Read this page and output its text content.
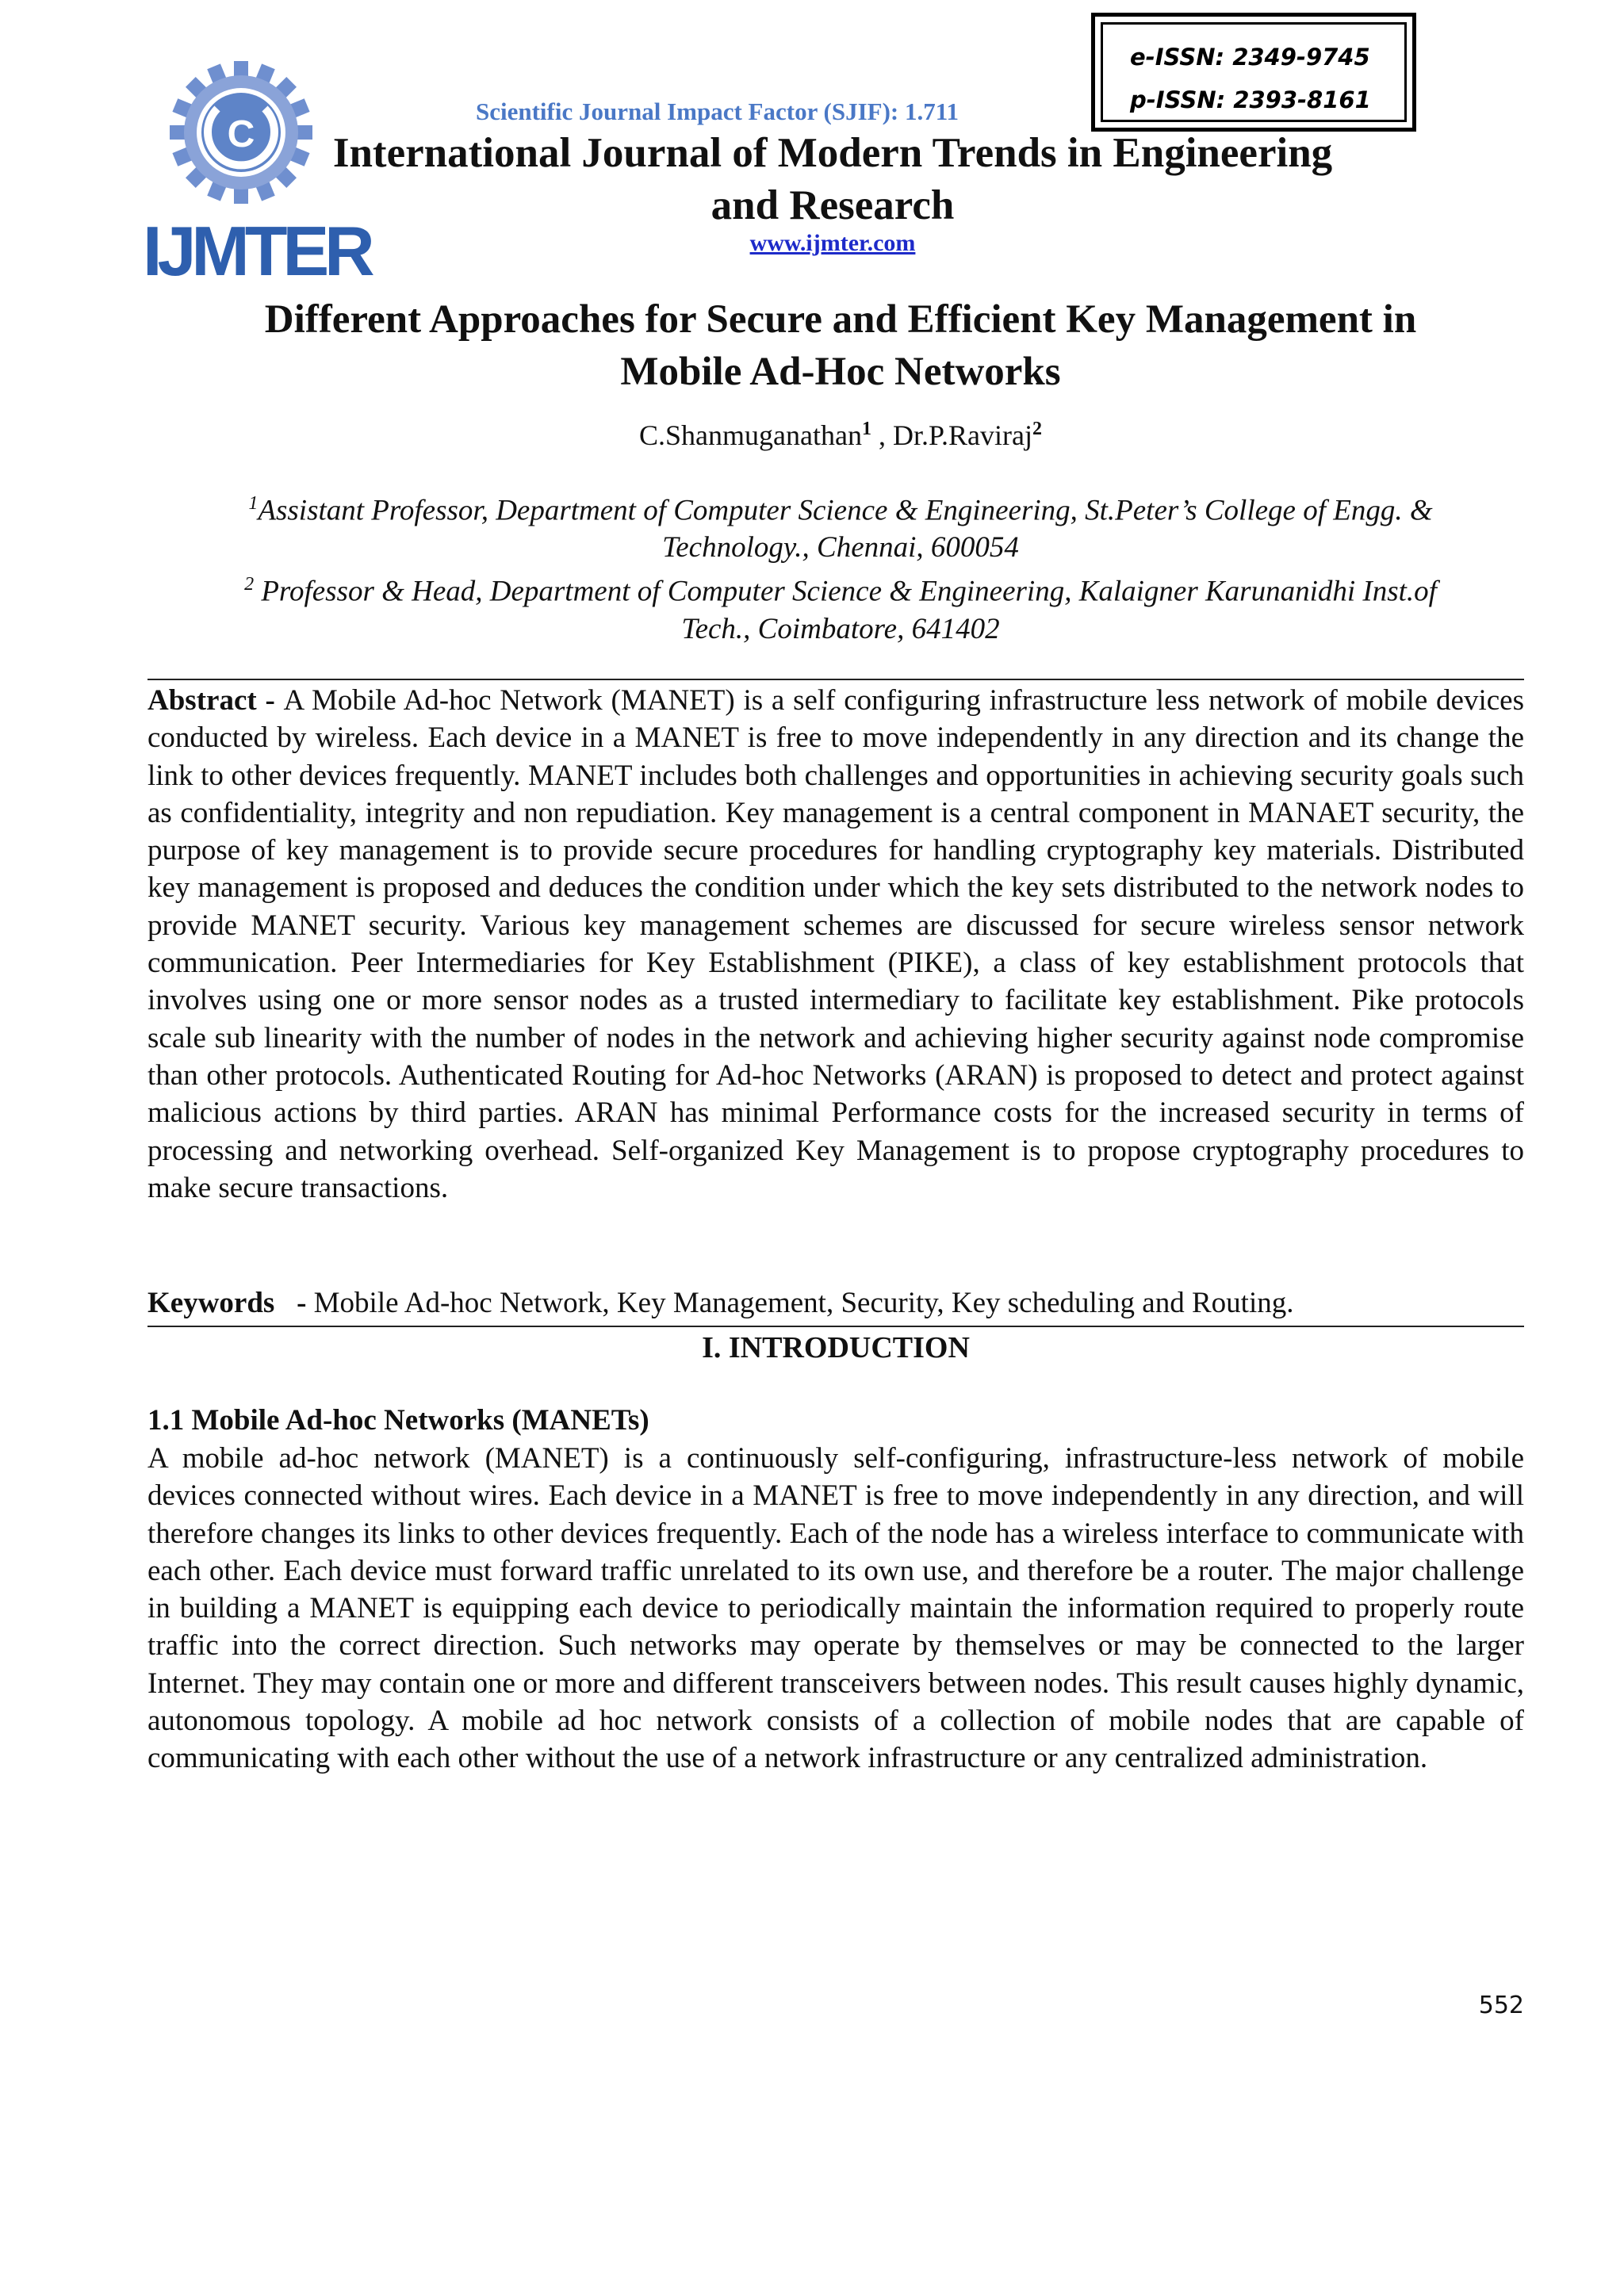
C
IJMTER
Scientific Journal Impact Factor (SJIF): 1.711
e-ISSN: 2349-9745
p-ISSN: 2393-8161
International Journal of Modern Trends in Engineering
and Research
www.ijmter.com
Different Approaches for Secure and Efficient Key Management in
Mobile Ad-Hoc Networks
C.Shanmuganathan$^1$ , Dr.P.Raviraj$^2$
$^1$Assistant Professor, Department of Computer Science & Engineering, St.Peter’s College of Engg. &
Technology., Chennai, 600054
$^2$ Professor & Head, Department of Computer Science & Engineering, Kalaigner Karunanidhi Inst.of
Tech., Coimbatore, 641402
Abstract - A Mobile Ad-hoc Network (MANET) is a self configuring infrastructure less network of mobile devices conducted by wireless. Each device in a MANET is free to move independently in any direction and its change the link to other devices frequently. MANET includes both challenges and opportunities in achieving security goals such as confidentiality, integrity and non repudiation. Key management is a central component in MANAET security, the purpose of key management is to provide secure procedures for handling cryptography key materials. Distributed key management is proposed and deduces the condition under which the key sets distributed to the network nodes to provide MANET security. Various key management schemes are discussed for secure wireless sensor network communication. Peer Intermediaries for Key Establishment (PIKE), a class of key establishment protocols that involves using one or more sensor nodes as a trusted intermediary to facilitate key establishment. Pike protocols scale sub linearity with the number of nodes in the network and achieving higher security against node compromise than other protocols. Authenticated Routing for Ad-hoc Networks (ARAN) is proposed to detect and protect against malicious actions by third parties. ARAN has minimal Performance costs for the increased security in terms of processing and networking overhead. Self-organized Key Management is to propose cryptography procedures to make secure transactions.
Keywords   - Mobile Ad-hoc Network, Key Management, Security, Key scheduling and Routing.
I. INTRODUCTION
1.1 Mobile Ad-hoc Networks (MANETs)
A mobile ad-hoc network (MANET) is a continuously self-configuring, infrastructure-less network of mobile devices connected without wires. Each device in a MANET is free to move independently in any direction, and will therefore changes its links to other devices frequently. Each of the node has a wireless interface to communicate with each other. Each device must forward traffic unrelated to its own use, and therefore be a router. The major challenge in building a MANET is equipping each device to periodically maintain the information required to properly route traffic into the correct direction. Such networks may operate by themselves or may be connected to the larger Internet. They may contain one or more and different transceivers between nodes. This result causes highly dynamic, autonomous topology. A mobile ad hoc network consists of a collection of mobile nodes that are capable of communicating with each other without the use of a network infrastructure or any centralized administration.
552
